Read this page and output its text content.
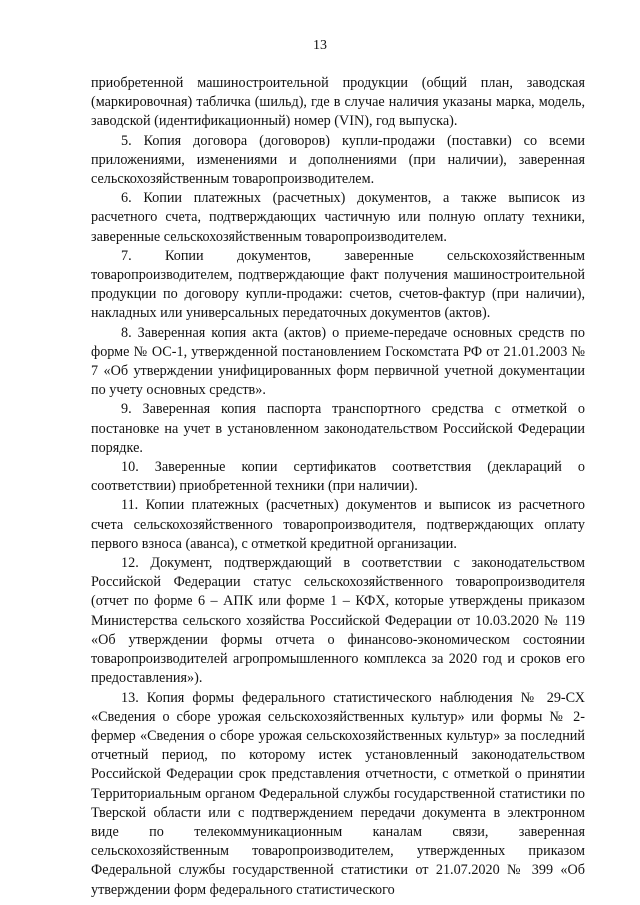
13

приобретенной машиностроительной продукции (общий план, заводская (маркировочная) табличка (шильд), где в случае наличия указаны марка, модель, заводской (идентификационный) номер (VIN), год выпуска).

5. Копия договора (договоров) купли-продажи (поставки) со всеми приложениями, изменениями и дополнениями (при наличии), заверенная сельскохозяйственным товаропроизводителем.

6. Копии платежных (расчетных) документов, а также выписок из расчетного счета, подтверждающих частичную или полную оплату техники, заверенные сельскохозяйственным товаропроизводителем.

7. Копии документов, заверенные сельскохозяйственным товаропроизводителем, подтверждающие факт получения машиностроительной продукции по договору купли-продажи: счетов, счетов-фактур (при наличии), накладных или универсальных передаточных документов (актов).

8. Заверенная копия акта (актов) о приеме-передаче основных средств по форме № ОС-1, утвержденной постановлением Госкомстата РФ от 21.01.2003 № 7 «Об утверждении унифицированных форм первичной учетной документации по учету основных средств».

9. Заверенная копия паспорта транспортного средства с отметкой о постановке на учет в установленном законодательством Российской Федерации порядке.

10. Заверенные копии сертификатов соответствия (деклараций о соответствии) приобретенной техники (при наличии).

11. Копии платежных (расчетных) документов и выписок из расчетного счета сельскохозяйственного товаропроизводителя, подтверждающих оплату первого взноса (аванса), с отметкой кредитной организации.

12. Документ, подтверждающий в соответствии с законодательством Российской Федерации статус сельскохозяйственного товаропроизводителя (отчет по форме 6 – АПК или форме 1 – КФХ, которые утверждены приказом Министерства сельского хозяйства Российской Федерации от 10.03.2020 № 119 «Об утверждении формы отчета о финансово-экономическом состоянии товаропроизводителей агропромышленного комплекса за 2020 год и сроков его предоставления»).

13. Копия формы федерального статистического наблюдения № 29-СХ «Сведения о сборе урожая сельскохозяйственных культур» или формы № 2-фермер «Сведения о сборе урожая сельскохозяйственных культур» за последний отчетный период, по которому истек установленный законодательством Российской Федерации срок представления отчетности, с отметкой о принятии Территориальным органом Федеральной службы государственной статистики по Тверской области или с подтверждением передачи документа в электронном виде по телекоммуникационным каналам связи, заверенная сельскохозяйственным товаропроизводителем, утвержденных приказом Федеральной службы государственной статистики от 21.07.2020 № 399 «Об утверждении форм федерального статистического
